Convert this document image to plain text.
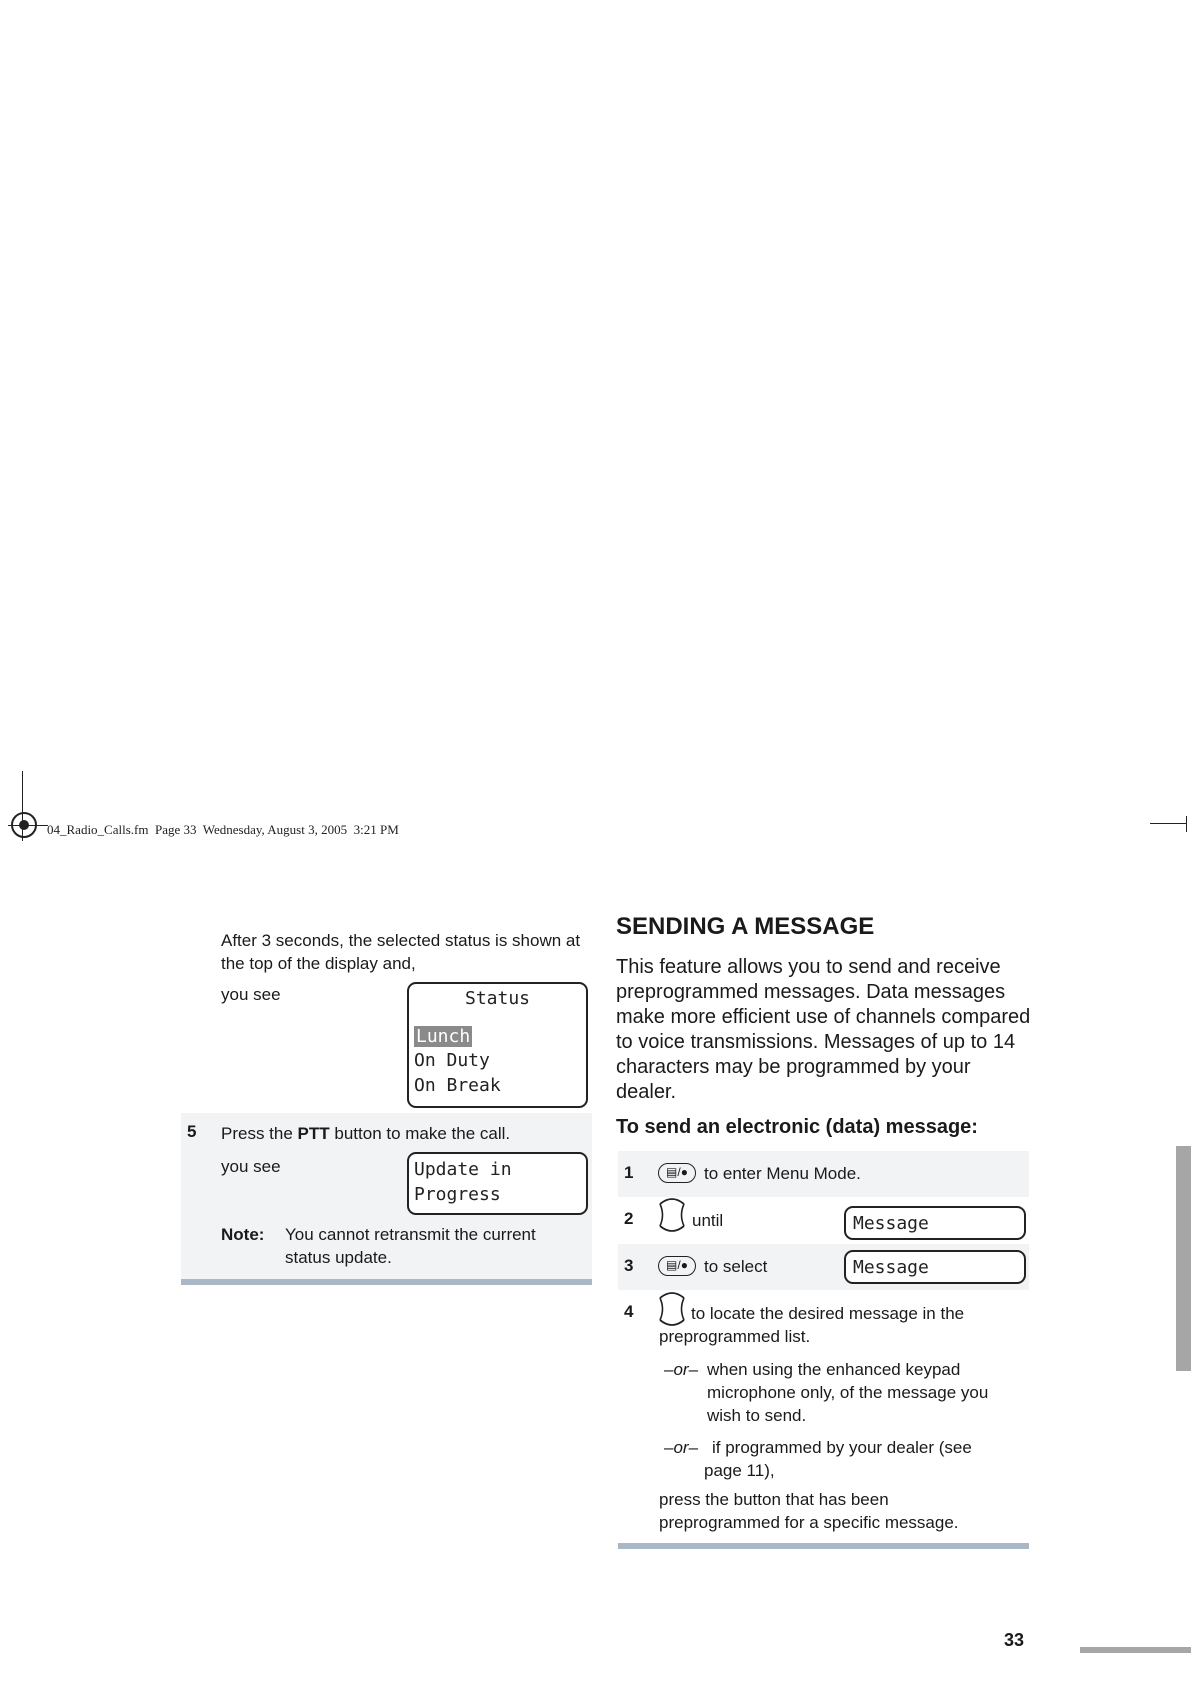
04_Radio_Calls.fm  Page 33  Wednesday, August 3, 2005  3:21 PM
After 3 seconds, the selected status is shown at the top of the display and,
you see	Status
Lunch
On Duty
On Break
5 Press the PTT button to make the call.
you see	Update in
Progress
Note: You cannot retransmit the current status update.
SENDING A MESSAGE
This feature allows you to send and receive preprogrammed messages. Data messages make more efficient use of channels compared to voice transmissions. Messages of up to 14 characters may be programmed by your dealer.
To send an electronic (data) message:
1	▤/● to enter Menu Mode.
2	until	Message
3	▤/● to select	Message
4	to locate the desired message in the preprogrammed list.
–or– when using the enhanced keypad microphone only, of the message you wish to send.
–or– if programmed by your dealer (see
page 11),
press the button that has been preprogrammed for a specific message.
33
